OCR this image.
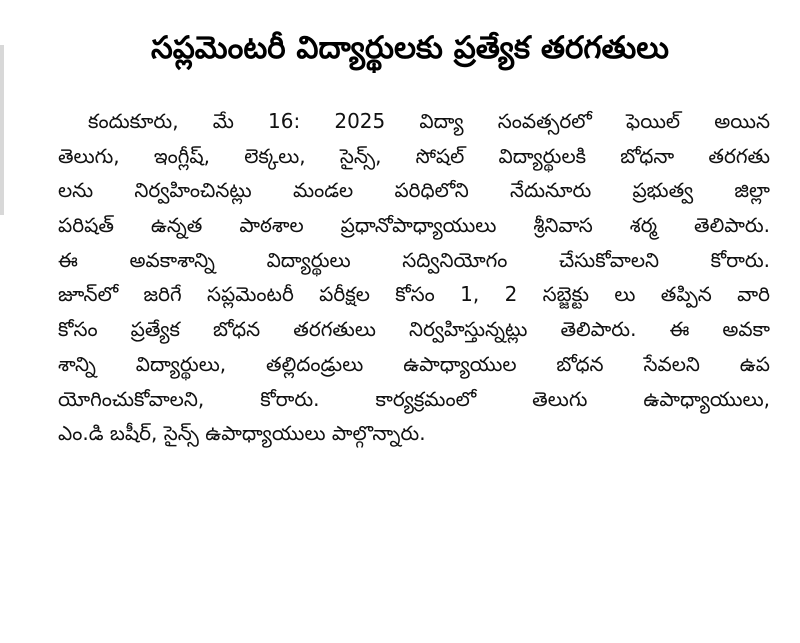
సప్లమెంటరీ విద్యార్థులకు ప్రత్యేక తరగతులు
కందుకూరు, మే 16: 2025 విద్యా సంవత్సరలో ఫెయిల్ అయిన
తెలుగు, ఇంగ్లీష్, లెక్కలు, సైన్స్, సోషల్ విద్యార్థులకి బోధనా తరగతు
లను నిర్వహించినట్లు మండల పరిధిలోని నేదునూరు ప్రభుత్వ జిల్లా
పరిషత్ ఉన్నత పాఠశాల ప్రధానోపాధ్యాయులు శ్రీనివాస శర్మ తెలిపారు.
ఈ అవకాశాన్ని విద్యార్థులు సద్వినియోగం చేసుకోవాలని కోరారు.
జూన్‌లో జరిగే సప్లమెంటరీ పరీక్షల కోసం 1, 2 సబ్జెక్టు లు తప్పిన వారి
కోసం ప్రత్యేక బోధన తరగతులు నిర్వహిస్తున్నట్లు తెలిపారు. ఈ అవకా
శాన్ని విద్యార్థులు, తల్లిదండ్రులు ఉపాధ్యాయుల బోధన సేవలని ఉప
యోగించుకోవాలని, కోరారు. కార్యక్రమంలో తెలుగు ఉపాధ్యాయులు,
ఎం.డి బషీర్, సైన్స్ ఉపాధ్యాయులు పాల్గొన్నారు.
